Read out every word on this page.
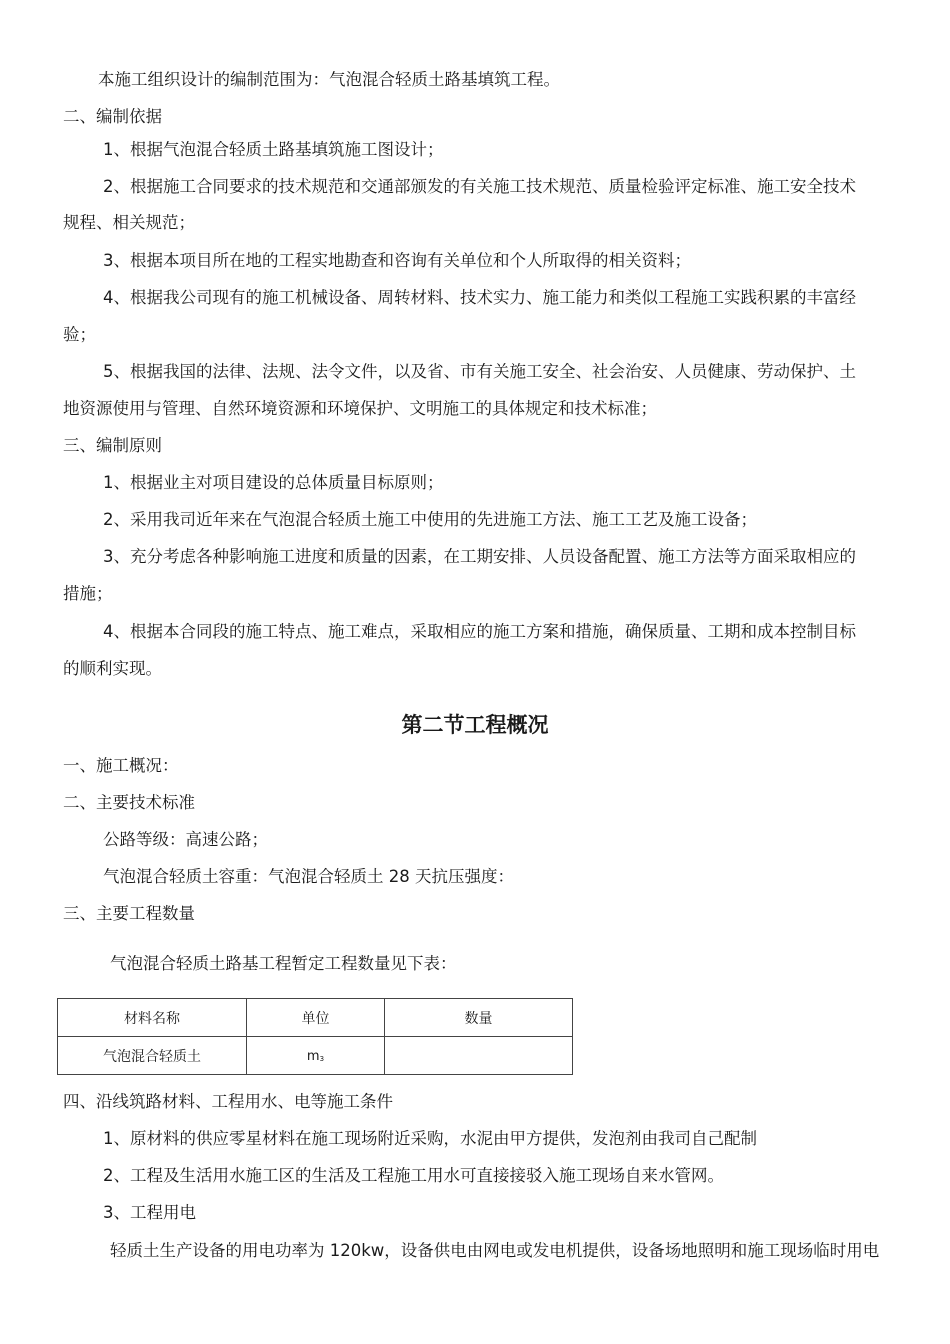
本施工组织设计的编制范围为：气泡混合轻质土路基填筑工程。

二、编制依据

1、根据气泡混合轻质土路基填筑施工图设计；

2、根据施工合同要求的技术规范和交通部颁发的有关施工技术规范、质量检验评定标准、施工安全技术

规程、相关规范；

3、根据本项目所在地的工程实地勘查和咨询有关单位和个人所取得的相关资料；

4、根据我公司现有的施工机械设备、周转材料、技术实力、施工能力和类似工程施工实践积累的丰富经

验；

5、根据我国的法律、法规、法令文件，以及省、市有关施工安全、社会治安、人员健康、劳动保护、土

地资源使用与管理、自然环境资源和环境保护、文明施工的具体规定和技术标准；

三、编制原则

1、根据业主对项目建设的总体质量目标原则；

2、采用我司近年来在气泡混合轻质土施工中使用的先进施工方法、施工工艺及施工设备；

3、充分考虑各种影响施工进度和质量的因素，在工期安排、人员设备配置、施工方法等方面采取相应的

措施；

4、根据本合同段的施工特点、施工难点，采取相应的施工方案和措施，确保质量、工期和成本控制目标

的顺利实现。

第二节工程概况

一、施工概况：

二、主要技术标准

公路等级：高速公路；

气泡混合轻质土容重：气泡混合轻质土 28 天抗压强度：

三、主要工程数量

气泡混合轻质土路基工程暂定工程数量见下表：

材料名称	单位	数量
气泡混合轻质土	$m^3$	

四、沿线筑路材料、工程用水、电等施工条件

1、原材料的供应零星材料在施工现场附近采购，水泥由甲方提供，发泡剂由我司自己配制

2、工程及生活用水施工区的生活及工程施工用水可直接接驳入施工现场自来水管网。

3、工程用电

轻质土生产设备的用电功率为 120kw，设备供电由网电或发电机提供，设备场地照明和施工现场临时用电
